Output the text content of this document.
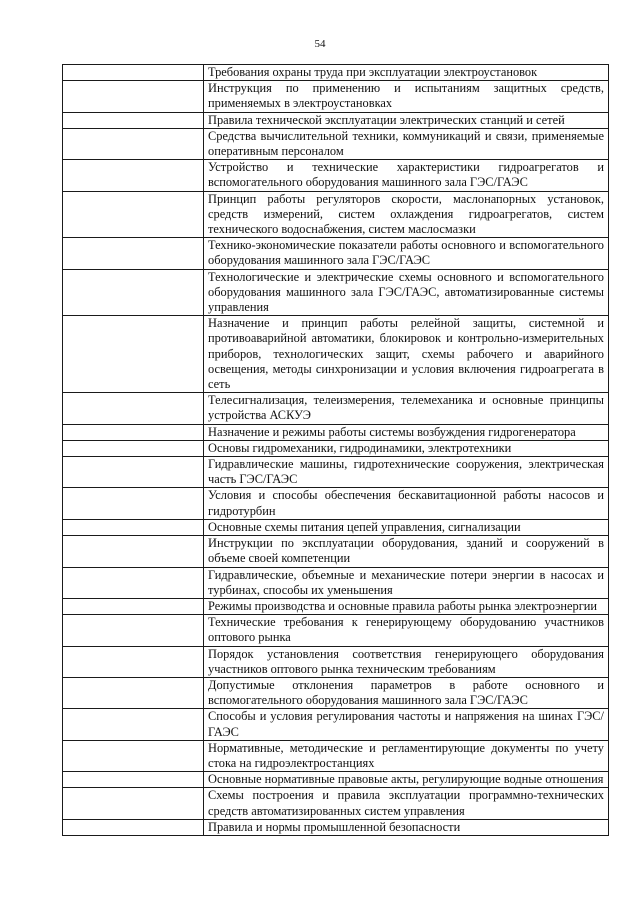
54
	Требования охраны труда при эксплуатации электроустановок
	Инструкция по применению и испытаниям защитных средств, применяемых в электроустановках
	Правила технической эксплуатации электрических станций и сетей
	Средства вычислительной техники, коммуникаций и связи, применяемые оперативным персоналом
	Устройство и технические характеристики гидроагрегатов и вспомогательного оборудования машинного зала ГЭС/ГАЭС
	Принцип работы регуляторов скорости, маслонапорных установок, средств измерений, систем охлаждения гидроагрегатов, систем технического водоснабжения, систем маслосмазки
	Технико-экономические показатели работы основного и вспомогательного оборудования машинного зала ГЭС/ГАЭС
	Технологические и электрические схемы основного и вспомогательного оборудования машинного зала ГЭС/ГАЭС, автоматизированные системы управления
	Назначение и принцип работы релейной защиты, системной и противоаварийной автоматики, блокировок и контрольно-измерительных приборов, технологических защит, схемы рабочего и аварийного освещения, методы синхронизации и условия включения гидроагрегата в сеть
	Телесигнализация, телеизмерения, телемеханика и основные принципы устройства АСКУЭ
	Назначение и режимы работы системы возбуждения гидрогенератора
	Основы гидромеханики, гидродинамики, электротехники
	Гидравлические машины, гидротехнические сооружения, электрическая часть ГЭС/ГАЭС
	Условия и способы обеспечения бескавитационной работы насосов и гидротурбин
	Основные схемы питания цепей управления, сигнализации
	Инструкции по эксплуатации оборудования, зданий и сооружений в объеме своей компетенции
	Гидравлические, объемные и механические потери энергии в насосах и турбинах, способы их уменьшения
	Режимы производства и основные правила работы рынка электроэнергии
	Технические требования к генерирующему оборудованию участников оптового рынка
	Порядок установления соответствия генерирующего оборудования участников оптового рынка техническим требованиям
	Допустимые отклонения параметров в работе основного и вспомогательного оборудования машинного зала ГЭС/ГАЭС
	Способы и условия регулирования частоты и напряжения на шинах ГЭС/ГАЭС
	Нормативные, методические и регламентирующие документы по учету стока на гидроэлектростанциях
	Основные нормативные правовые акты, регулирующие водные отношения
	Схемы построения и правила эксплуатации программно-технических средств автоматизированных систем управления
	Правила и нормы промышленной безопасности
